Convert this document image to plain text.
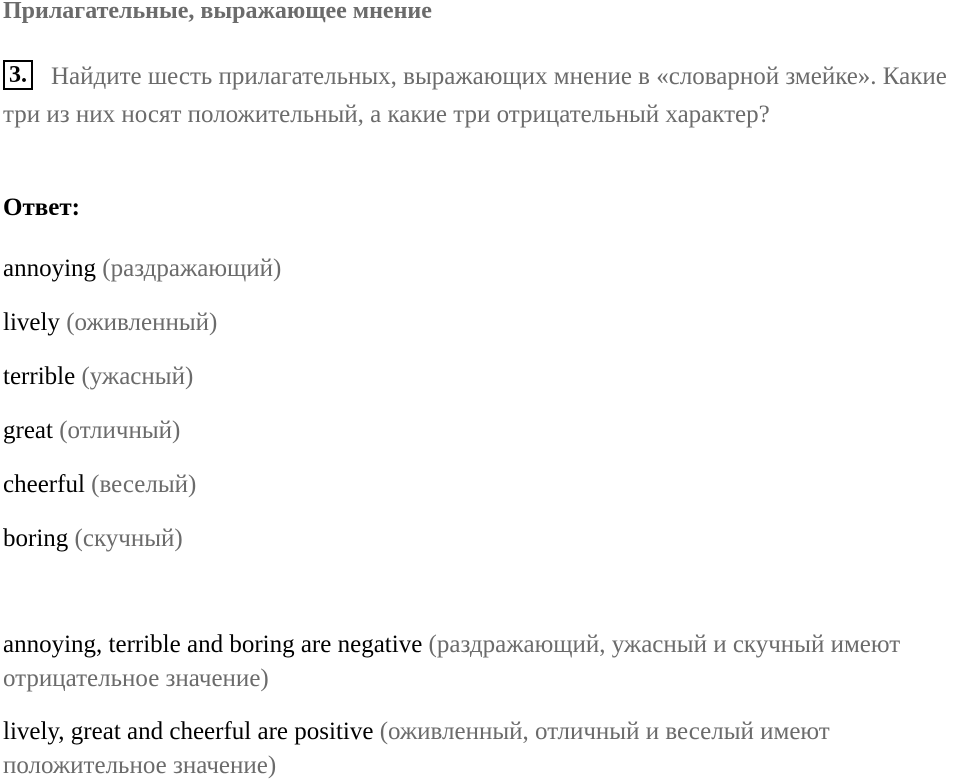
Прилагательные, выражающее мнение
3. Найдите шесть прилагательных, выражающих мнение в «словарной змейке». Какие три из них носят положительный, а какие три отрицательный характер?
Ответ:
annoying (раздражающий)
lively (оживленный)
terrible (ужасный)
great (отличный)
cheerful (веселый)
boring (скучный)
annoying, terrible and boring are negative (раздражающий, ужасный и скучный имеют отрицательное значение)
lively, great and cheerful are positive (оживленный, отличный и веселый имеют положительное значение)
